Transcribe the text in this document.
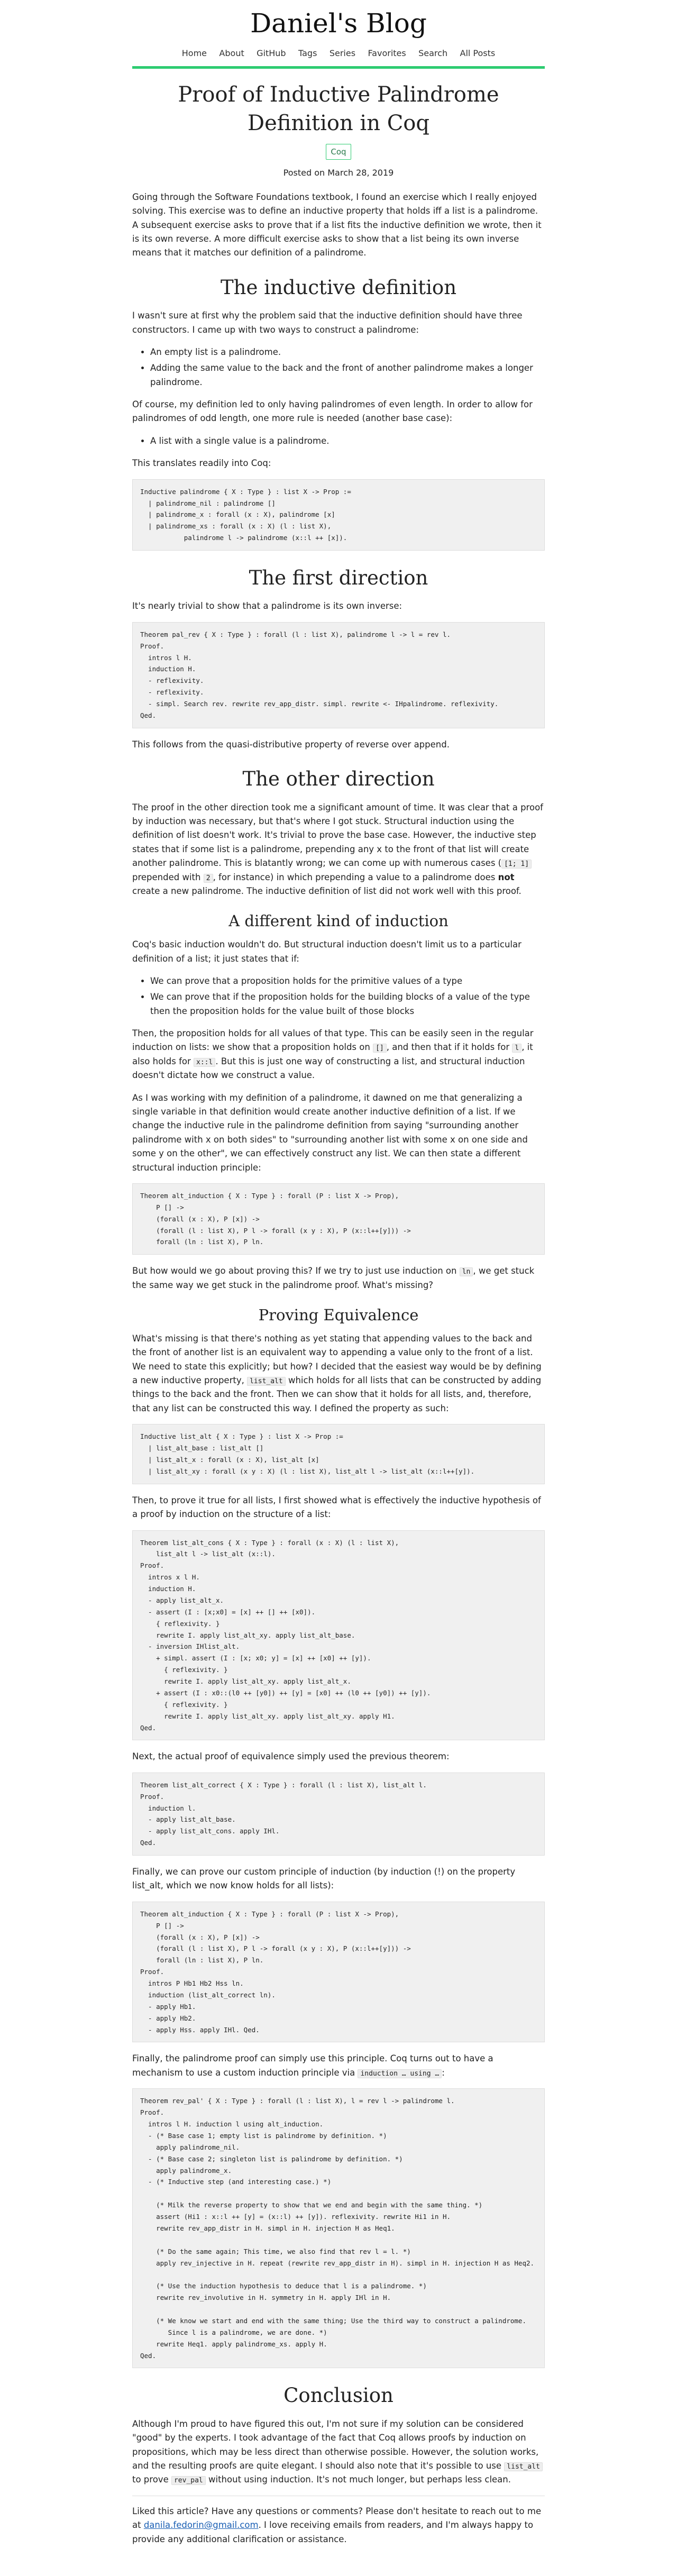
Daniel's Blog
Home About GitHub Tags Series Favorites Search All Posts
Proof of Inductive Palindrome Definition in Coq
Coq
Posted on March 28, 2019

Going through the Software Foundations textbook, I found an exercise which I really enjoyed solving. This exercise was to define an inductive property that holds iff a list is a palindrome. A subsequent exercise asks to prove that if a list fits the inductive definition we wrote, then it is its own reverse. A more difficult exercise asks to show that a list being its own inverse means that it matches our definition of a palindrome.

The inductive definition

I wasn't sure at first why the problem said that the inductive definition should have three constructors. I came up with two ways to construct a palindrome:

• An empty list is a palindrome.
• Adding the same value to the back and the front of another palindrome makes a longer palindrome.

Of course, my definition led to only having palindromes of even length. In order to allow for palindromes of odd length, one more rule is needed (another base case):

• A list with a single value is a palindrome.

This translates readily into Coq:

Inductive palindrome { X : Type } : list X -> Prop :=
| palindrome_nil : palindrome []
| palindrome_x : forall (x : X), palindrome [x]
| palindrome_xs : forall (x : X) (l : list X),
palindrome l -> palindrome (x::l ++ [x]).
The first direction

It's nearly trivial to show that a palindrome is its own inverse:

Theorem pal_rev { X : Type } : forall (l : list X), palindrome l -> l = rev l.
Proof.
intros l H.
induction H.
- reflexivity.
- reflexivity.
- simpl. Search rev. rewrite rev_app_distr. simpl. rewrite <- IHpalindrome. reflexivity.
Qed.

This follows from the quasi-distributive property of reverse over append.

The other direction

The proof in the other direction took me a significant amount of time. It was clear that a proof by induction was necessary, but that's where I got stuck. Structural induction using the definition of list doesn't work. It's trivial to prove the base case. However, the inductive step states that if some list is a palindrome, prepending any x to the front of that list will create another palindrome. This is blatantly wrong; we can come up with numerous cases ( [1; 1] prepended with 2 , for instance) in which prepending a value to a palindrome does not create a new palindrome. The inductive definition of list did not work well with this proof.

A different kind of induction

Coq's basic induction wouldn't do. But structural induction doesn't limit us to a particular definition of a list; it just states that if:

• We can prove that a proposition holds for the primitive values of a type
• We can prove that if the proposition holds for the building blocks of a value of the type then the proposition holds for the value built of those blocks

Then, the proposition holds for all values of that type. This can be easily seen in the regular induction on lists: we show that a proposition holds on [] , and then that if it holds for l , it also holds for x::l . But this is just one way of constructing a list, and structural induction doesn't dictate how we construct a value.

As I was working with my definition of a palindrome, it dawned on me that generalizing a single variable in that definition would create another inductive definition of a list. If we change the inductive rule in the palindrome definition from saying "surrounding another palindrome with x on both sides" to "surrounding another list with some x on one side and some y on the other", we can effectively construct any list. We can then state a different structural induction principle:

Theorem alt_induction { X : Type } : forall (P : list X -> Prop),
P [] ->
(forall (x : X), P [x]) ->
(forall (l : list X), P l -> forall (x y : X), P (x::l++[y])) ->
forall (ln : list X), P ln.

But how would we go about proving this? If we try to just use induction on ln , we get stuck the same way we get stuck in the palindrome proof. What's missing?

Proving Equivalence

What's missing is that there's nothing as yet stating that appending values to the back and the front of another list is an equivalent way to appending a value only to the front of a list. We need to state this explicitly; but how? I decided that the easiest way would be by defining a new inductive property, list_alt which holds for all lists that can be constructed by adding things to the back and the front. Then we can show that it holds for all lists, and, therefore, that any list can be constructed this way. I defined the property as such:

Inductive list_alt { X : Type } : list X -> Prop :=
| list_alt_base : list_alt []
| list_alt_x : forall (x : X), list_alt [x]
| list_alt_xy : forall (x y : X) (l : list X), list_alt l -> list_alt (x::l++[y]).

Then, to prove it true for all lists, I first showed what is effectively the inductive hypothesis of a proof by induction on the structure of a list:

Theorem list_alt_cons { X : Type } : forall (x : X) (l : list X),
list_alt l -> list_alt (x::l).
Proof.
intros x l H.
induction H.
- apply list_alt_x.
- assert (I : [x;x0] = [x] ++ [] ++ [x0]).
{ reflexivity. }
rewrite I. apply list_alt_xy. apply list_alt_base.
- inversion IHlist_alt.
+ simpl. assert (I : [x; x0; y] = [x] ++ [x0] ++ [y]).
{ reflexivity. }
rewrite I. apply list_alt_xy. apply list_alt_x.
+ assert (I : x0::(l0 ++ [y0]) ++ [y] = [x0] ++ (l0 ++ [y0]) ++ [y]).
{ reflexivity. }
rewrite I. apply list_alt_xy. apply list_alt_xy. apply H1.
Qed.

Next, the actual proof of equivalence simply used the previous theorem:

Theorem list_alt_correct { X : Type } : forall (l : list X), list_alt l.
Proof.
induction l.
- apply list_alt_base.
- apply list_alt_cons. apply IHl.
Qed.

Finally, we can prove our custom principle of induction (by induction (!) on the property list_alt, which we now know holds for all lists):

Theorem alt_induction { X : Type } : forall (P : list X -> Prop),
P [] ->
(forall (x : X), P [x]) ->
(forall (l : list X), P l -> forall (x y : X), P (x::l++[y])) ->
forall (ln : list X), P ln.
Proof.
intros P Hb1 Hb2 Hss ln.
induction (list_alt_correct ln).
- apply Hb1.
- apply Hb2.
- apply Hss. apply IHl. Qed.

Finally, the palindrome proof can simply use this principle. Coq turns out to have a mechanism to use a custom induction principle via induction … using … :

Theorem rev_pal' { X : Type } : forall (l : list X), l = rev l -> palindrome l.
Proof.
intros l H. induction l using alt_induction.
- (* Base case 1; empty list is palindrome by definition. *)
apply palindrome_nil.
- (* Base case 2; singleton list is palindrome by definition. *)
apply palindrome_x.
- (* Inductive step (and interesting case.) *)

(* Milk the reverse property to show that we end and begin with the same thing. *)
assert (Hi1 : x::l ++ [y] = (x::l) ++ [y]). reflexivity. rewrite Hi1 in H.
rewrite rev_app_distr in H. simpl in H. injection H as Heq1.

(* Do the same again; This time, we also find that rev l = l. *)
apply rev_injective in H. repeat (rewrite rev_app_distr in H). simpl in H. injection H as Heq2.

(* Use the induction hypothesis to deduce that l is a palindrome. *)
rewrite rev_involutive in H. symmetry in H. apply IHl in H.

(* We know we start and end with the same thing; Use the third way to construct a palindrome.
Since l is a palindrome, we are done. *)
rewrite Heq1. apply palindrome_xs. apply H.
Qed.
Conclusion

Although I'm proud to have figured this out, I'm not sure if my solution can be considered "good" by the experts. I took advantage of the fact that Coq allows proofs by induction on propositions, which may be less direct than otherwise possible. However, the solution works, and the resulting proofs are quite elegant. I should also note that it's possible to use list_alt to prove rev_pal without using induction. It's not much longer, but perhaps less clean.

Liked this article? Have any questions or comments? Please don't hesitate to reach out to me at danila.fedorin@gmail.com. I love receiving emails from readers, and I'm always happy to provide any additional clarification or assistance.
